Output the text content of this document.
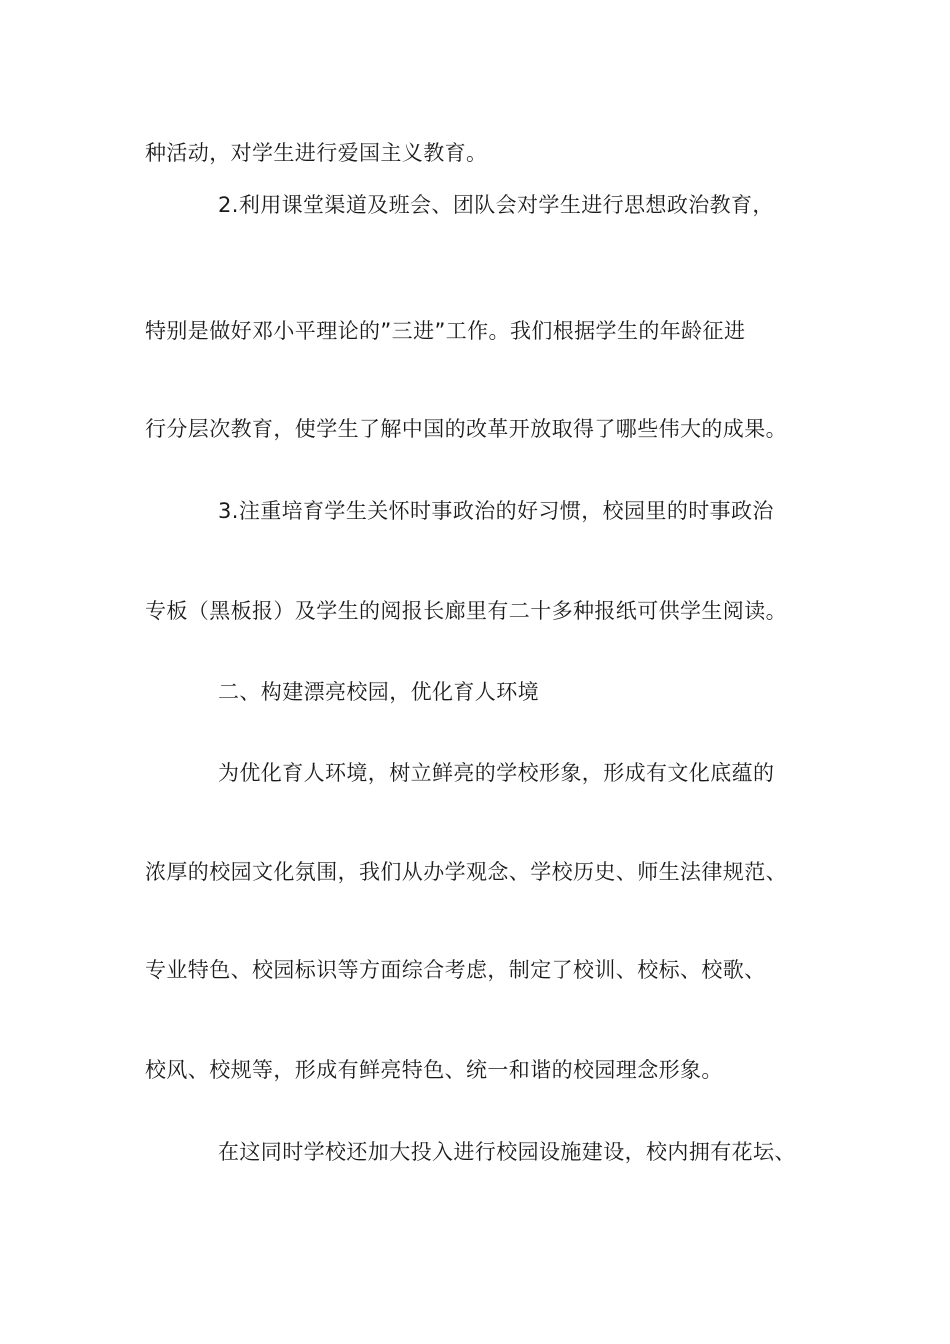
种活动，对学生进行爱国主义教育。
2.利用课堂渠道及班会、团队会对学生进行思想政治教育，
特别是做好邓小平理论的”三进”工作。我们根据学生的年龄征进
行分层次教育，使学生了解中国的改革开放取得了哪些伟大的成果。
3.注重培育学生关怀时事政治的好习惯，校园里的时事政治
专板（黑板报）及学生的阅报长廊里有二十多种报纸可供学生阅读。
二、构建漂亮校园，优化育人环境
为优化育人环境，树立鲜亮的学校形象，形成有文化底蕴的
浓厚的校园文化氛围，我们从办学观念、学校历史、师生法律规范、
专业特色、校园标识等方面综合考虑，制定了校训、校标、校歌、
校风、校规等，形成有鲜亮特色、统一和谐的校园理念形象。
在这同时学校还加大投入进行校园设施建设，校内拥有花坛、
